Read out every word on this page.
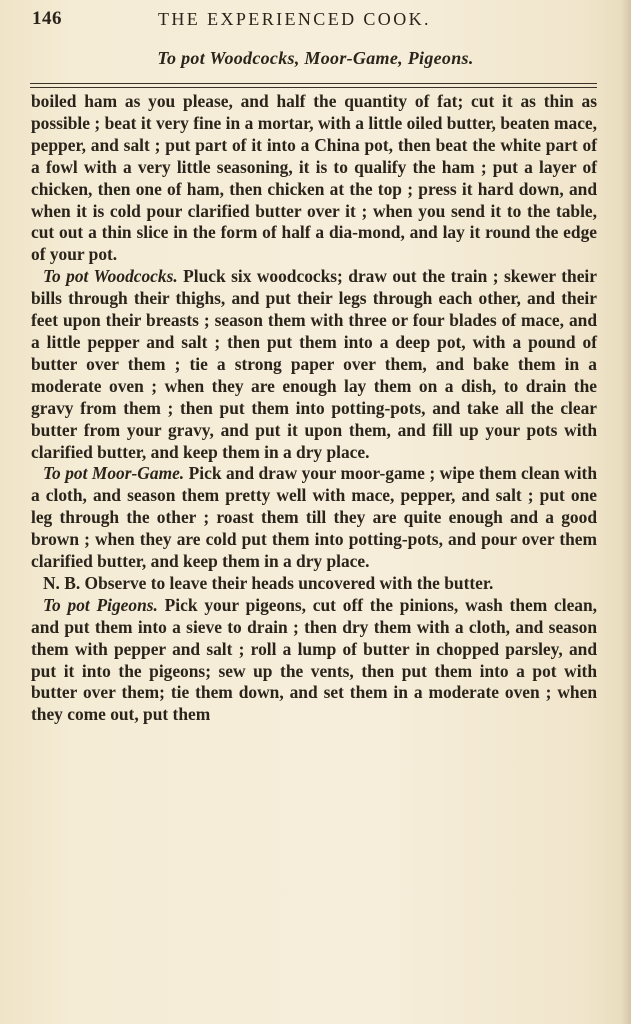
146	THE EXPERIENCED COOK.
To pot Woodcocks, Moor-Game, Pigeons.

boiled ham as you please, and half the quantity of fat; cut it as thin as possible ; beat it very fine in a mortar, with a little oiled butter, beaten mace, pepper, and salt ; put part of it into a China pot, then beat the white part of a fowl with a very little seasoning, it is to qualify the ham ; put a layer of chicken, then one of ham, then chicken at the top ; press it hard down, and when it is cold pour clarified butter over it ; when you send it to the table, cut out a thin slice in the form of half a dia-mond, and lay it round the edge of your pot.

To pot Woodcocks. Pluck six woodcocks; draw out the train ; skewer their bills through their thighs, and put their legs through each other, and their feet upon their breasts ; season them with three or four blades of mace, and a little pepper and salt ; then put them into a deep pot, with a pound of butter over them ; tie a strong paper over them, and bake them in a moderate oven ; when they are enough lay them on a dish, to drain the gravy from them ; then put them into potting-pots, and take all the clear butter from your gravy, and put it upon them, and fill up your pots with clarified butter, and keep them in a dry place.

To pot Moor-Game. Pick and draw your moor-game ; wipe them clean with a cloth, and season them pretty well with mace, pepper, and salt ; put one leg through the other ; roast them till they are quite enough and a good brown ; when they are cold put them into potting-pots, and pour over them clarified butter, and keep them in a dry place.

N. B. Observe to leave their heads uncovered with the butter.

To pot Pigeons. Pick your pigeons, cut off the pinions, wash them clean, and put them into a sieve to drain ; then dry them with a cloth, and season them with pepper and salt ; roll a lump of butter in chopped parsley, and put it into the pigeons; sew up the vents, then put them into a pot with butter over them; tie them down, and set them in a moderate oven ; when they come out, put them
